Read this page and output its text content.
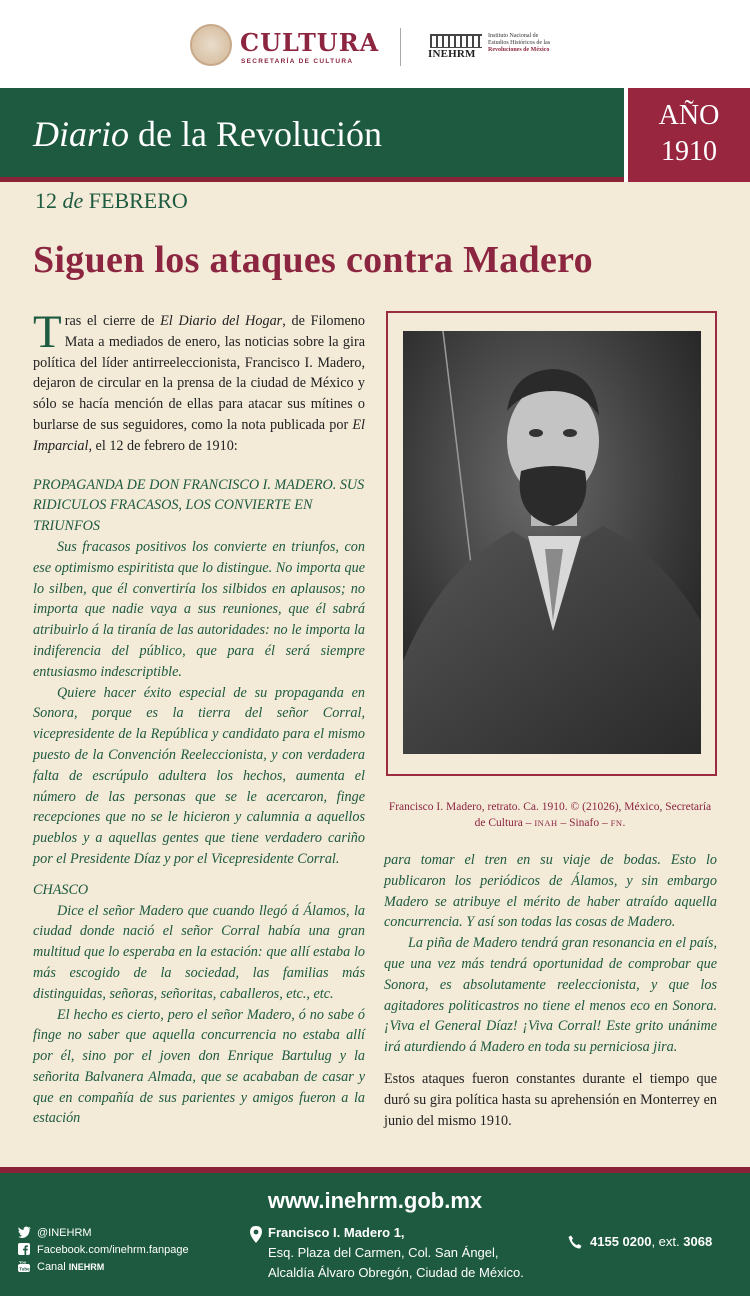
CULTURA
SECRETARÍA DE CULTURA
INEHRM
Instituto Nacional de
Estudios Históricos de las
Revoluciones de México
Diario de la Revolución	AÑO
1910
12 de FEBRERO
Siguen los ataques contra Madero

Tras el cierre de El Diario del Hogar, de Filomeno Mata a mediados de enero, las noticias sobre la gira política del líder antirreeleccionista, Francisco I. Madero, dejaron de circular en la prensa de la ciudad de México y sólo se hacía mención de ellas para atacar sus mítines o burlarse de sus seguidores, como la nota publicada por El Imparcial, el 12 de febrero de 1910:

PROPAGANDA DE DON FRANCISCO I. MADERO. SUS RIDICULOS FRACASOS, LOS CONVIERTE EN TRIUNFOS

Sus fracasos positivos los convierte en triunfos, con ese optimismo espiritista que lo distingue. No importa que lo silben, que él convertiría los silbidos en aplausos; no importa que nadie vaya a sus reuniones, que él sabrá atribuirlo á la tiranía de las autoridades: no le importa la indiferencia del público, que para él será siempre entusiasmo indescriptible.

Quiere hacer éxito especial de su propaganda en Sonora, porque es la tierra del señor Corral, vicepresidente de la República y candidato para el mismo puesto de la Convención Reeleccionista, y con verdadera falta de escrúpulo adultera los hechos, aumenta el número de las personas que se le acercaron, finge recepciones que no se le hicieron y calumnia a aquellos pueblos y a aquellas gentes que tiene verdadero cariño por el Presidente Díaz y por el Vicepresidente Corral.

CHASCO

Dice el señor Madero que cuando llegó á Álamos, la ciudad donde nació el señor Corral había una gran multitud que lo esperaba en la estación: que allí estaba lo más escogido de la sociedad, las familias más distinguidas, señoras, señoritas, caballeros, etc., etc.

El hecho es cierto, pero el señor Madero, ó no sabe ó finge no saber que aquella concurrencia no estaba allí por él, sino por el joven don Enrique Bartulug y la señorita Balvanera Almada, que se acababan de casar y que en compañía de sus parientes y amigos fueron a la estación

Francisco I. Madero, retrato. Ca. 1910. © (21026), México, Secretaría de Cultura – INAH – Sinafo – FN.

para tomar el tren en su viaje de bodas. Esto lo publicaron los periódicos de Álamos, y sin embargo Madero se atribuye el mérito de haber atraído aquella concurrencia. Y así son todas las cosas de Madero.

La piña de Madero tendrá gran resonancia en el país, que una vez más tendrá oportunidad de comprobar que Sonora, es absolutamente reeleccionista, y que los agitadores politicastros no tiene el menos eco en Sonora. ¡Viva el General Díaz! ¡Viva Corral! Este grito unánime irá aturdiendo á Madero en toda su perniciosa jira.

Estos ataques fueron constantes durante el tiempo que duró su gira política hasta su aprehensión en Monterrey en junio del mismo 1910.

www.inehrm.gob.mx
@INEHRM
Facebook.com/inehrm.fanpage
You
Tube Canal INEHRM
Francisco I. Madero 1,
Esq. Plaza del Carmen, Col. San Ángel,
Alcaldía Álvaro Obregón, Ciudad de México.
4155 0200, ext. 3068
